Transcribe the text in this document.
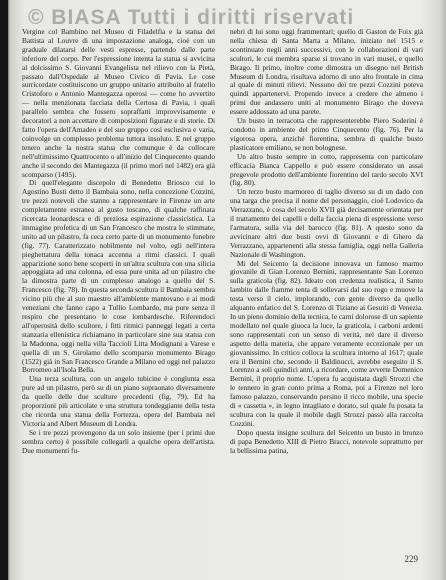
© BIASA Tutti i diritti riservati

Vergine col Bambino nel Museo di Filadelfia e la statua del Battista al Louvre di una impostazione analoga, cioè con un graduale dilatarsi delle vesti espresse, partendo dalle parte inferiore del corpo. Per l'espressione intenta la statua si avvicina al dolcissimo S. Giovanni Evangelista nel rilievo con la Pietà, passato dall'Ospedale al Museo Civico di Pavia. Le cose surricordate costituiscono un gruppo unitario attribuito al fratello Cristoforo e Antonio Mantegazza operosi — come ho avvertito — nella menzionata facciata della Certosa di Pavia, i quali parallelo sembra che fossero sopraffatti improvvisamente e decoratori a non accettare di composizioni figurate e di storie. Di fatto l'opera dell'Amadeo e del suo gruppo così esclusiva e varia, coinvolge un complesso problema tuttora insoluto. E nel gruppo tenero anche la nostra statua che comunque è da collocare nell'ultimissimo Quattrocento o all'inizio del Cinquecento quando anche il secondo dei Mantegazza (il primo morì nel 1482) era già scomparso (1495).

Di quell'elegante discepolo di Benedetto Briosco cui lo Agostino Busti detto il Bambaia sono, nella concezione Cozzini, tre pezzi notevoli che stanno a rappresentare in Firenze un arte completamente estranea al gusto toscano, di qualche raffinata ricercata leonardesca e di preziosa espirazione classicistica. La immagine profetica di un San Francesco che mostra le stimmate, unito ad un pilastro, fa ceca certo parte di un monumento funebre (fig. 77). Caratterizzato nobilmente nel volto, egli nell'intera pieghettatura della tonaca accenna a ritmi classici. I quali apparizione sono bene scoperti in un'altra scultura con una silicia appoggiata ad una colonna, ed essa pure unita ad un pilastro che la dimostra parte di un complesso analogo a quello del S. Francesco (fig. 78). In questa seconda scultura il Bambaia sembra vicino più che al suo maestro all'ambiente mantovano e ai modi veneziani che fanno capo a Tullio Lombardo, ma pure senza il respiro che presentano le cose lombardesche. Riferendoci all'operosità dello scultore, i fitti ritmici panneggi legati a certa stanzaria ellenistica richiamano in particolare sine sua statua con la Madonna, oggi nella villa Taccioli Litta Modignani a Varese e quella di un S. Girolamo dello scomparso monumento Birago (1522) già in San Francesco Grande a Milano ed oggi nel palazzo Borromeo all'Isola Bella.

Una terza scultura, con un angelo tubicine è conglunta essa pure ad un pilastro, però su di un piano sopraonato diversamente da quelle delle due sculture precedenti (fig. 79). Ed ha proporzioni più articolate e una struttura tondeggiante della testa che ricorda una statua della Fortezza, opera del Bambaia nel Victoria and Albert Museum di Londra.

Se i tre pezzi provengono da un solo insieme (per i primi due sembra certo) è possibile collegarli a qualche opera dell'artista. Due monumenti fu-

nebri di lui sono oggi frammentari; quello di Gaston de Foix già nella chiesa di Santa Marta a Milano, iniziato nel 1515 e scontinuato negli anni successivi, con le collaborazioni di vari scultori, le cui membra sparse si trovano in vari musei, e quello Birago. Il primo, inoltre come dimostra un disegno nel British Museum di Londra, risultava adorno di uno alto frontale in cima al quale di minuti rilievi. Nessuno dei tre pezzi Cozzini poteva quindi appartenervi. Propendo invece a credere che almeno i primi due andassero uniti al monumento Birago che doveva essere addossato ad una parete.

Un busto in terracotta che rappresenterebbe Piero Soderini è condotto in ambiente del primo Cinquecento (fig. 76). Per la vigorosa opera, anziché fiorentina, sembra di qualche busto plasticatore emiliano, se non bolognese.

Un altro busto sempre in cotto, rappresenta con particolare efficacia Bianca Cappello e può essere considerato un assai pregevole prodotto dell'ambiente fiorentino del tardo secolo XVI (fig. 80).

Un terzo busto marmoreo di taglio diverso su di un dado con una targa che precisa il nome del personaggio, cioè Lodovico da Verrazzano, è cosa del secolo XVII già decisamente orientata per il trattamento dei capelli e della faccia piena di espressione verso l'armatura, sulla via del barocco (fig. 81). A questo sono da avvicinare altri due busti ovvi di Giovanni e di Ghero da Verrazzano, appartenenti alla stessa famiglia, oggi nella Galleria Nazionale di Washington.

Mi del Seicento la decisione innovava un famoso marmo giovanile di Gian Lorenzo Bernini, rappresentante San Lorenzo sulla graticola (fig. 82). Ideato con credenza realistica, il Santo lambito dalle fiamme tenta di sollevarsi dal suo rogo e muove la testa verso il cielo, implorando, con gente diverso da quello alquanto enfatico del S. Lorenzo di Tiziano ai Gesuiti di Venezia. In un pieno dominio della tecnica, le carni dolorose di un sapiente modellato nel quale giuoca la luce, la graticola, i carboni ardenti sono rappresentati con un senso di verità, nel dare il diverso aspetto della materia, che appare veramente eccezionale per un giovanissimo. In critico colloca la scultura intorno al 1617; quale era il Bernini che, secondo il Baldinucci, avrebbe eseguito il S. Lorenzo a soli quindici anni, a ricordare, come avverte Domenico Bernini, il proprio nome. L'opera fu acquistata dagli Strozzi che le tennero in gran conto prima a Roma, poi a Firenze nel loro famoso palazzo, conservando persino il ricco mobile, una specie di « cassetta », in legno intagliato e dorato, sul quale fu posata la scultura con la quale il mobile dagli Strozzi passò alla raccolta Cozzini.

Dopo questa insigne scultura del Seicento un busto in bronzo di papa Benedetto XIII di Pietro Bracci, notevole soprattutto per la bellissima patina,

229
